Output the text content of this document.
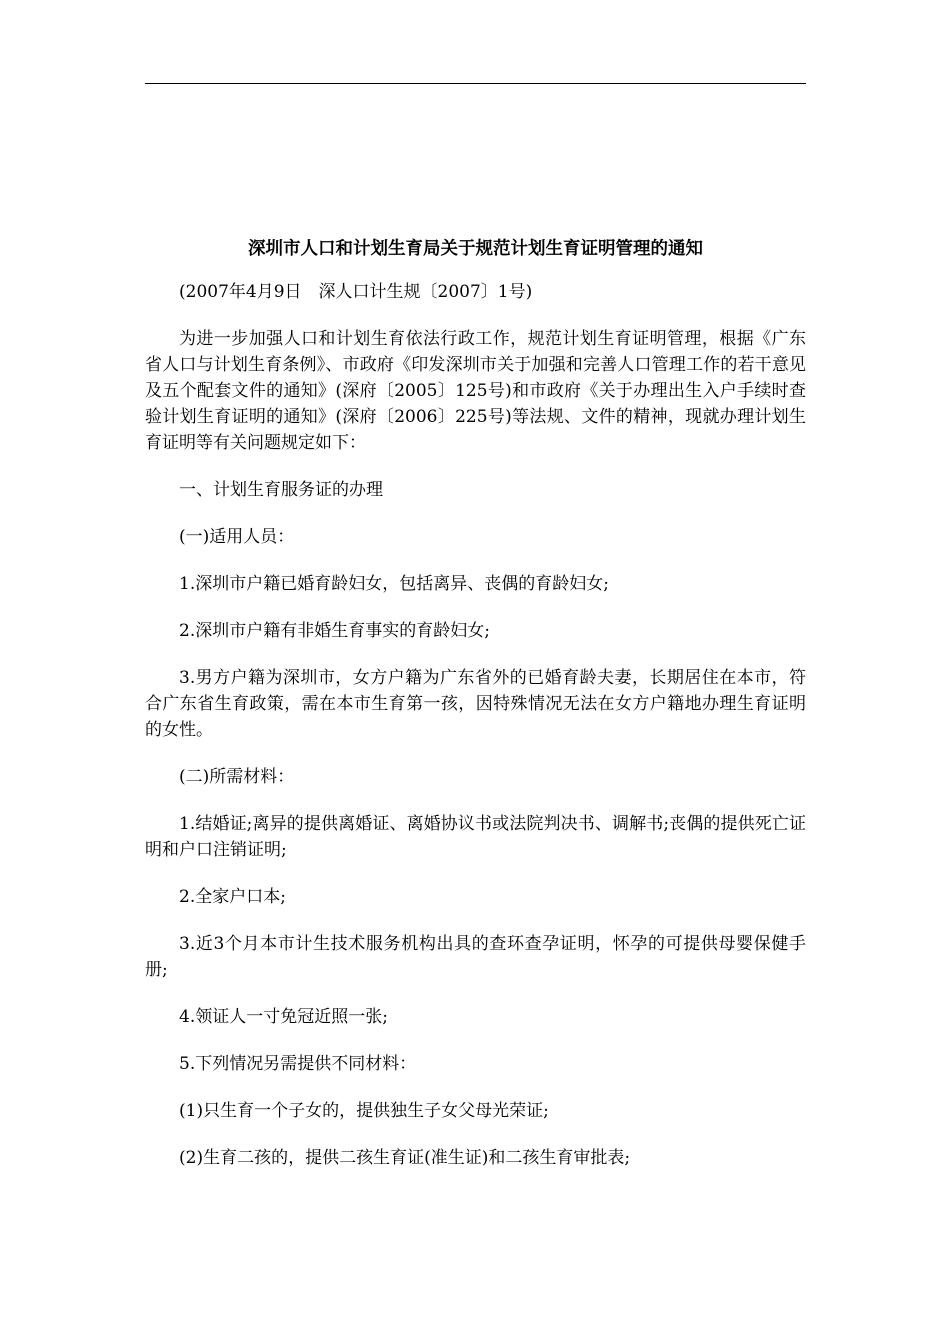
深圳市人口和计划生育局关于规范计划生育证明管理的通知

(2007年4月9日　深人口计生规〔2007〕1号)

为进一步加强人口和计划生育依法行政工作，规范计划生育证明管理，根据《广东省人口与计划生育条例》、市政府《印发深圳市关于加强和完善人口管理工作的若干意见及五个配套文件的通知》(深府〔2005〕125号)和市政府《关于办理出生入户手续时查验计划生育证明的通知》(深府〔2006〕225号)等法规、文件的精神，现就办理计划生育证明等有关问题规定如下：

一、计划生育服务证的办理

(一)适用人员：

1.深圳市户籍已婚育龄妇女，包括离异、丧偶的育龄妇女;

2.深圳市户籍有非婚生育事实的育龄妇女;

3.男方户籍为深圳市，女方户籍为广东省外的已婚育龄夫妻，长期居住在本市，符合广东省生育政策，需在本市生育第一孩，因特殊情况无法在女方户籍地办理生育证明的女性。

(二)所需材料：

1.结婚证;离异的提供离婚证、离婚协议书或法院判决书、调解书;丧偶的提供死亡证明和户口注销证明;

2.全家户口本;

3.近3个月本市计生技术服务机构出具的查环查孕证明，怀孕的可提供母婴保健手册;

4.领证人一寸免冠近照一张;

5.下列情况另需提供不同材料：

(1)只生育一个子女的，提供独生子女父母光荣证;

(2)生育二孩的，提供二孩生育证(准生证)和二孩生育审批表;
